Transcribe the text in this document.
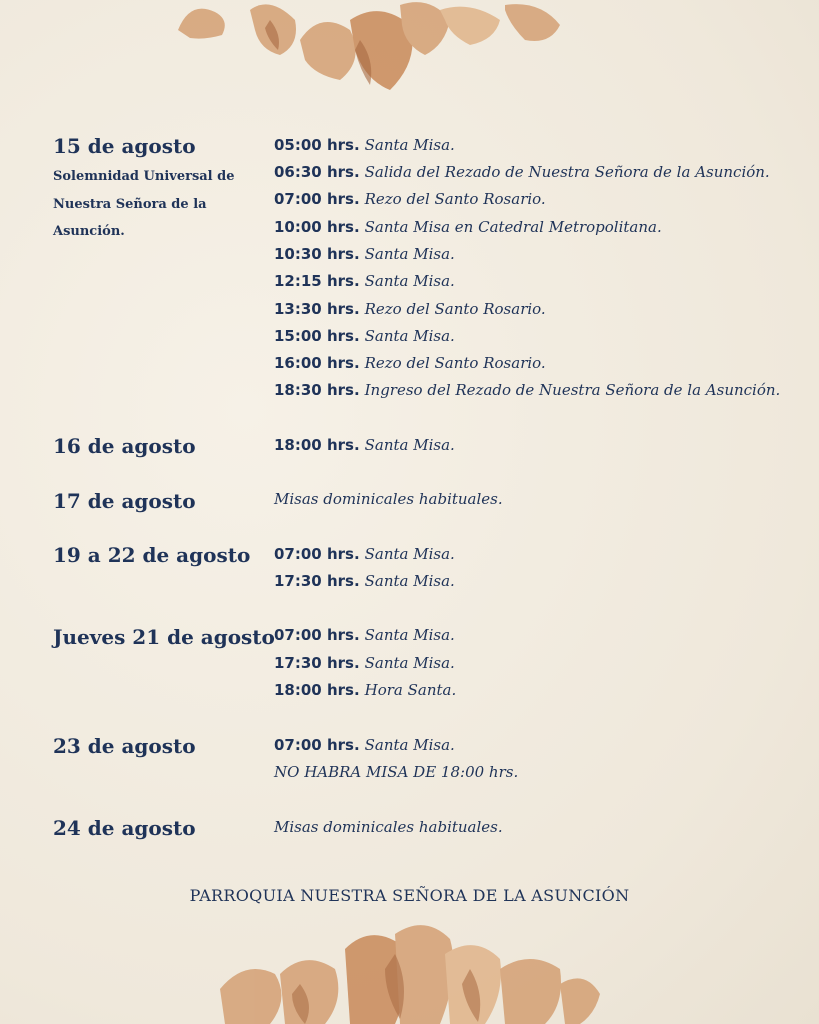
15 de agosto
Solemnidad Universal de
Nuestra Señora de la
Asunción.
05:00 hrs. Santa Misa.
06:30 hrs. Salida del Rezado de Nuestra Señora de la Asunción.
07:00 hrs. Rezo del Santo Rosario.
10:00 hrs. Santa Misa en Catedral Metropolitana.
10:30 hrs. Santa Misa.
12:15 hrs. Santa Misa.
13:30 hrs. Rezo del Santo Rosario.
15:00 hrs. Santa Misa.
16:00 hrs. Rezo del Santo Rosario.
18:30 hrs. Ingreso del Rezado de Nuestra Señora de la Asunción.
16 de agosto	18:00 hrs. Santa Misa.
17 de agosto	Misas dominicales habituales.
19 a 22 de agosto 07:00 hrs. Santa Misa.
17:30 hrs. Santa Misa.
Jueves 21 de agosto 07:00 hrs. Santa Misa.
17:30 hrs. Santa Misa.
18:00 hrs. Hora Santa.
23 de agosto	07:00 hrs. Santa Misa.
NO HABRA MISA DE 18:00 hrs.
24 de agosto	Misas dominicales habituales.
PARROQUIA NUESTRA SEÑORA DE LA ASUNCIÓN
